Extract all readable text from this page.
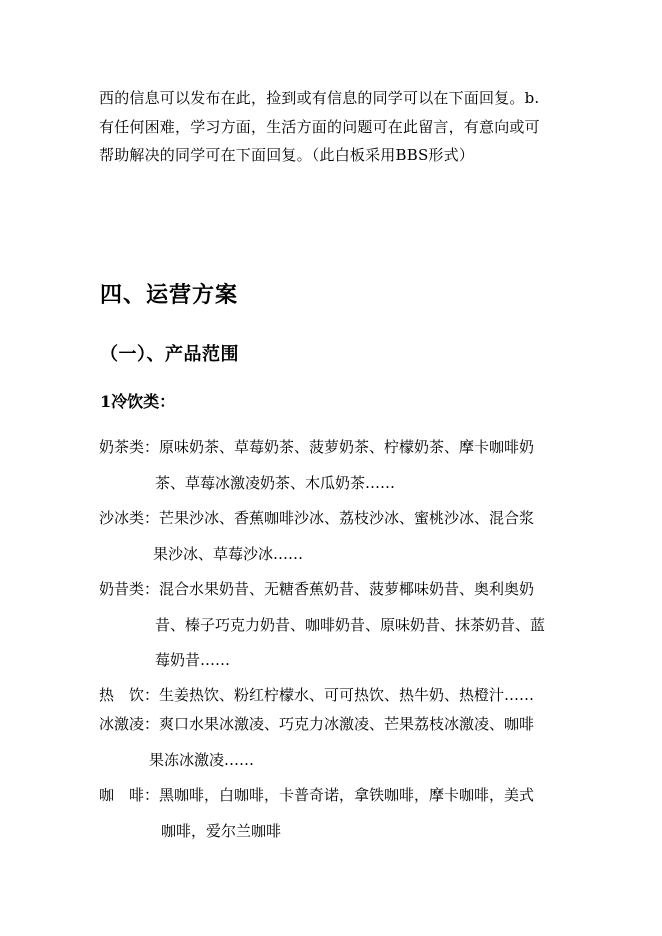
西的信息可以发布在此，捡到或有信息的同学可以在下面回复。b.
有任何困难，学习方面，生活方面的问题可在此留言，有意向或可
帮助解决的同学可在下面回复。（此白板采用BBS形式）
四、运营方案
（一）、产品范围
1冷饮类：
奶茶类：原味奶茶、草莓奶茶、菠萝奶茶、柠檬奶茶、摩卡咖啡奶
茶、草莓冰激凌奶茶、木瓜奶茶……
沙冰类：芒果沙冰、香蕉咖啡沙冰、荔枝沙冰、蜜桃沙冰、混合浆
果沙冰、草莓沙冰……
奶昔类：混合水果奶昔、无糖香蕉奶昔、菠萝椰味奶昔、奥利奥奶
昔、榛子巧克力奶昔、咖啡奶昔、原味奶昔、抹茶奶昔、蓝
莓奶昔……
热　饮：生姜热饮、粉红柠檬水、可可热饮、热牛奶、热橙汁……
冰激凌：爽口水果冰激凌、巧克力冰激凌、芒果荔枝冰激凌、咖啡
果冻冰激凌……
咖　啡：黑咖啡，白咖啡，卡普奇诺，拿铁咖啡，摩卡咖啡，美式
咖啡，爱尔兰咖啡
